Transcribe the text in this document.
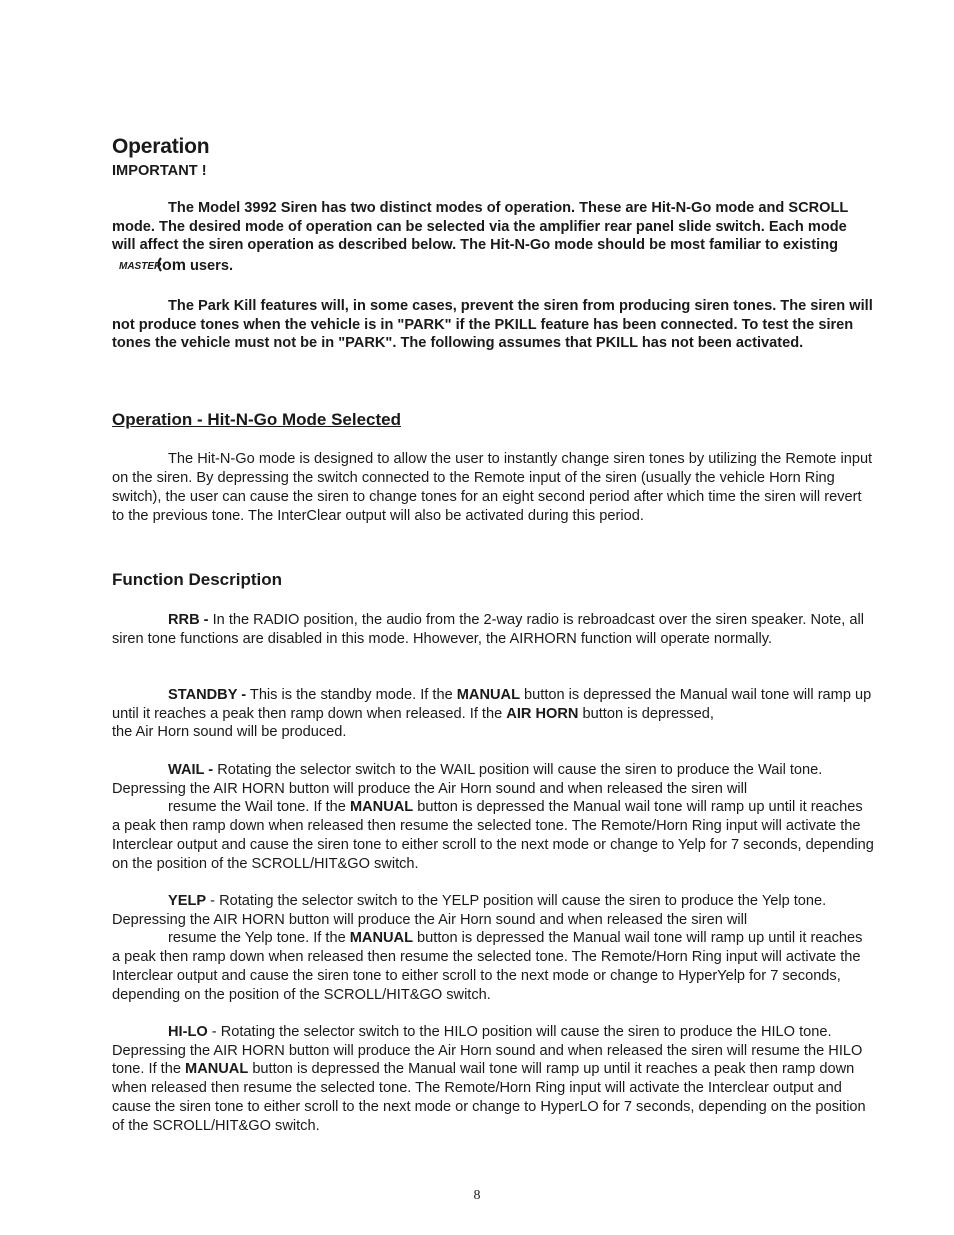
Operation

IMPORTANT !

The Model 3992 Siren has two distinct modes of operation. These are Hit-N-Go mode and SCROLL mode. The desired mode of operation can be selected via the amplifier rear panel slide switch. Each mode will affect the siren operation as described below. The Hit-N-Go mode should be most familiar to existing
MASTER om users.

The Park Kill features will, in some cases, prevent the siren from producing siren tones. The siren will not produce tones when the vehicle is in "PARK" if the PKILL feature has been connected. To test the siren tones the vehicle must not be in "PARK". The following assumes that PKILL has not been activated.

Operation - Hit-N-Go Mode Selected

The Hit-N-Go mode is designed to allow the user to instantly change siren tones by utilizing the Remote input on the siren. By depressing the switch connected to the Remote input of the siren (usually the vehicle Horn Ring switch), the user can cause the siren to change tones for an eight second period after which time the siren will revert to the previous tone. The InterClear output will also be activated during this period.

Function Description

RRB - In the RADIO position, the audio from the 2-way radio is rebroadcast over the siren speaker. Note, all siren tone functions are disabled in this mode. Hhowever, the AIRHORN function will operate normally.

STANDBY - This is the standby mode. If the MANUAL button is depressed the Manual wail tone will ramp up until it reaches a peak then ramp down when released. If the AIR HORN button is depressed,
the Air Horn sound will be produced.

WAIL - Rotating the selector switch to the WAIL position will cause the siren to produce the Wail tone. Depressing the AIR HORN button will produce the Air Horn sound and when released the siren will
resume the Wail tone. If the MANUAL button is depressed the Manual wail tone will ramp up until it reaches a peak then ramp down when released then resume the selected tone. The Remote/Horn Ring input will activate the Interclear output and cause the siren tone to either scroll to the next mode or change to Yelp for 7 seconds, depending on the position of the SCROLL/HIT&GO switch.

YELP - Rotating the selector switch to the YELP position will cause the siren to produce the Yelp tone. Depressing the AIR HORN button will produce the Air Horn sound and when released the siren will
resume the Yelp tone. If the MANUAL button is depressed the Manual wail tone will ramp up until it reaches a peak then ramp down when released then resume the selected tone. The Remote/Horn Ring input will activate the Interclear output and cause the siren tone to either scroll to the next mode or change to HyperYelp for 7 seconds, depending on the position of the SCROLL/HIT&GO switch.

HI-LO - Rotating the selector switch to the HILO position will cause the siren to produce the HILO tone. Depressing the AIR HORN button will produce the Air Horn sound and when released the siren will resume the HILO tone. If the MANUAL button is depressed the Manual wail tone will ramp up until it reaches a peak then ramp down when released then resume the selected tone. The Remote/Horn Ring input will activate the Interclear output and cause the siren tone to either scroll to the next mode or change to HyperLO for 7 seconds, depending on the position of the SCROLL/HIT&GO switch.

8
